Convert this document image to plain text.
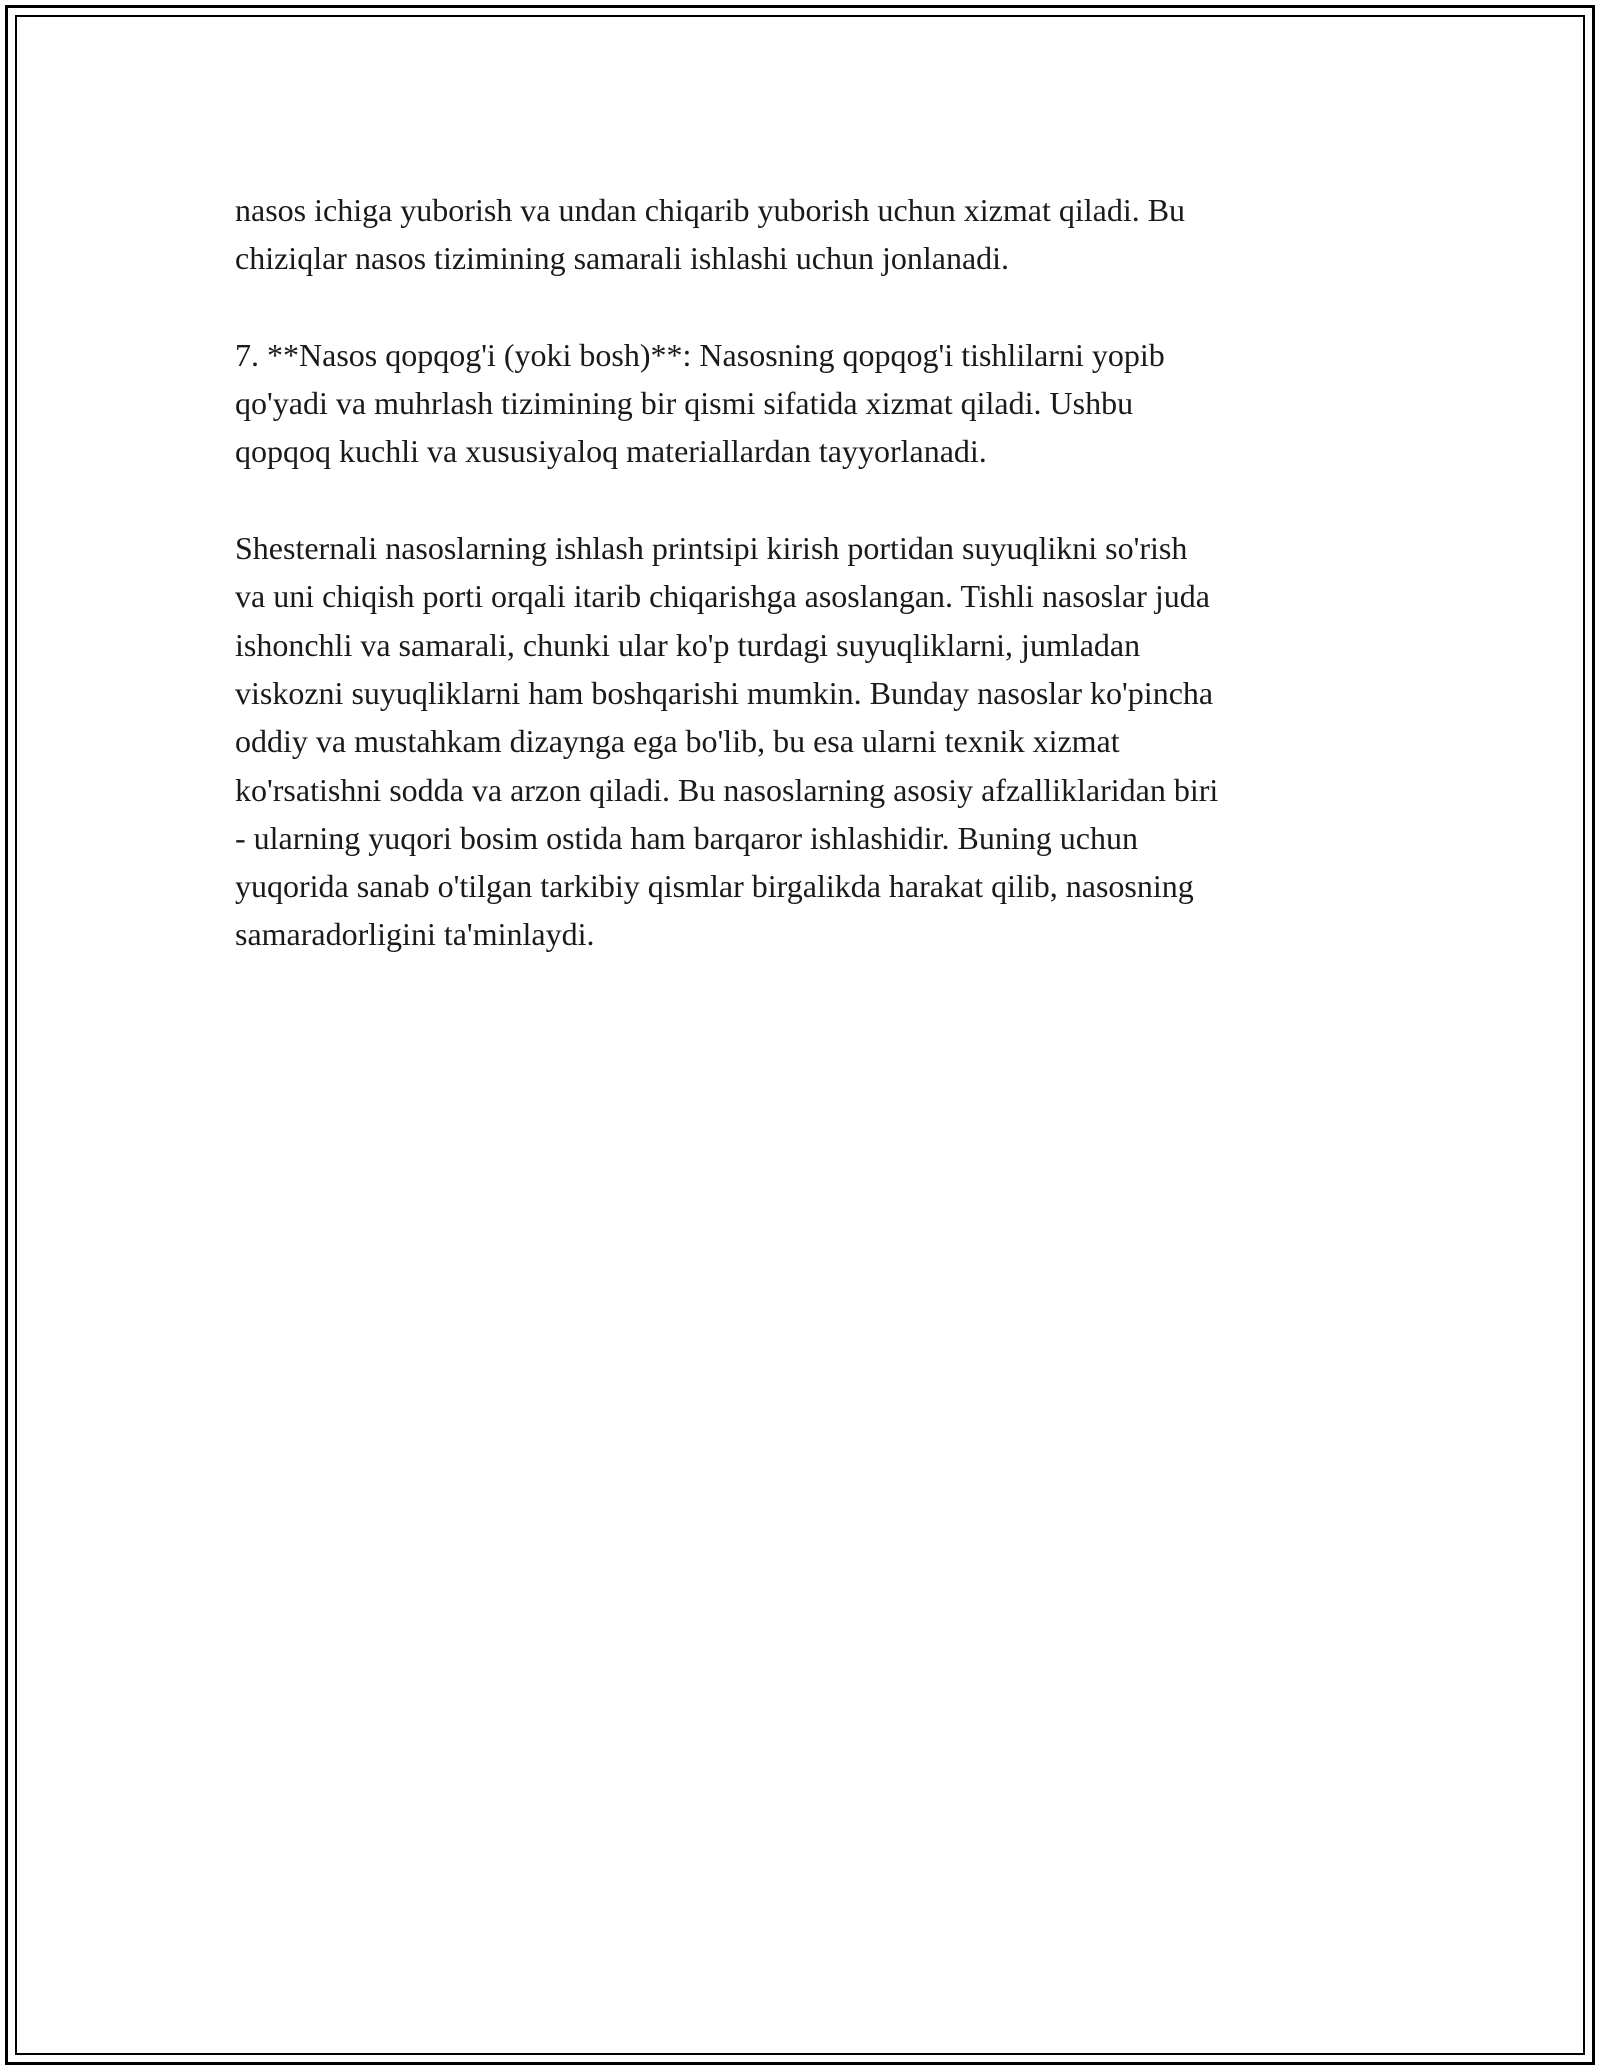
nasos ichiga yuborish va undan chiqarib yuborish uchun xizmat qiladi. Bu
chiziqlar nasos tizimining samarali ishlashi uchun jonlanadi.

7. **Nasos qopqog'i (yoki bosh)**: Nasosning qopqog'i tishlilarni yopib
qo'yadi va muhrlash tizimining bir qismi sifatida xizmat qiladi. Ushbu
qopqoq kuchli va xususiyaloq materiallardan tayyorlanadi.

Shesternali nasoslarning ishlash printsipi kirish portidan suyuqlikni so'rish
va uni chiqish porti orqali itarib chiqarishga asoslangan. Tishli nasoslar juda
ishonchli va samarali, chunki ular ko'p turdagi suyuqliklarni, jumladan
viskozni suyuqliklarni ham boshqarishi mumkin. Bunday nasoslar ko'pincha
oddiy va mustahkam dizaynga ega bo'lib, bu esa ularni texnik xizmat
ko'rsatishni sodda va arzon qiladi. Bu nasoslarning asosiy afzalliklaridan biri
- ularning yuqori bosim ostida ham barqaror ishlashidir. Buning uchun
yuqorida sanab o'tilgan tarkibiy qismlar birgalikda harakat qilib, nasosning
samaradorligini ta'minlaydi.
